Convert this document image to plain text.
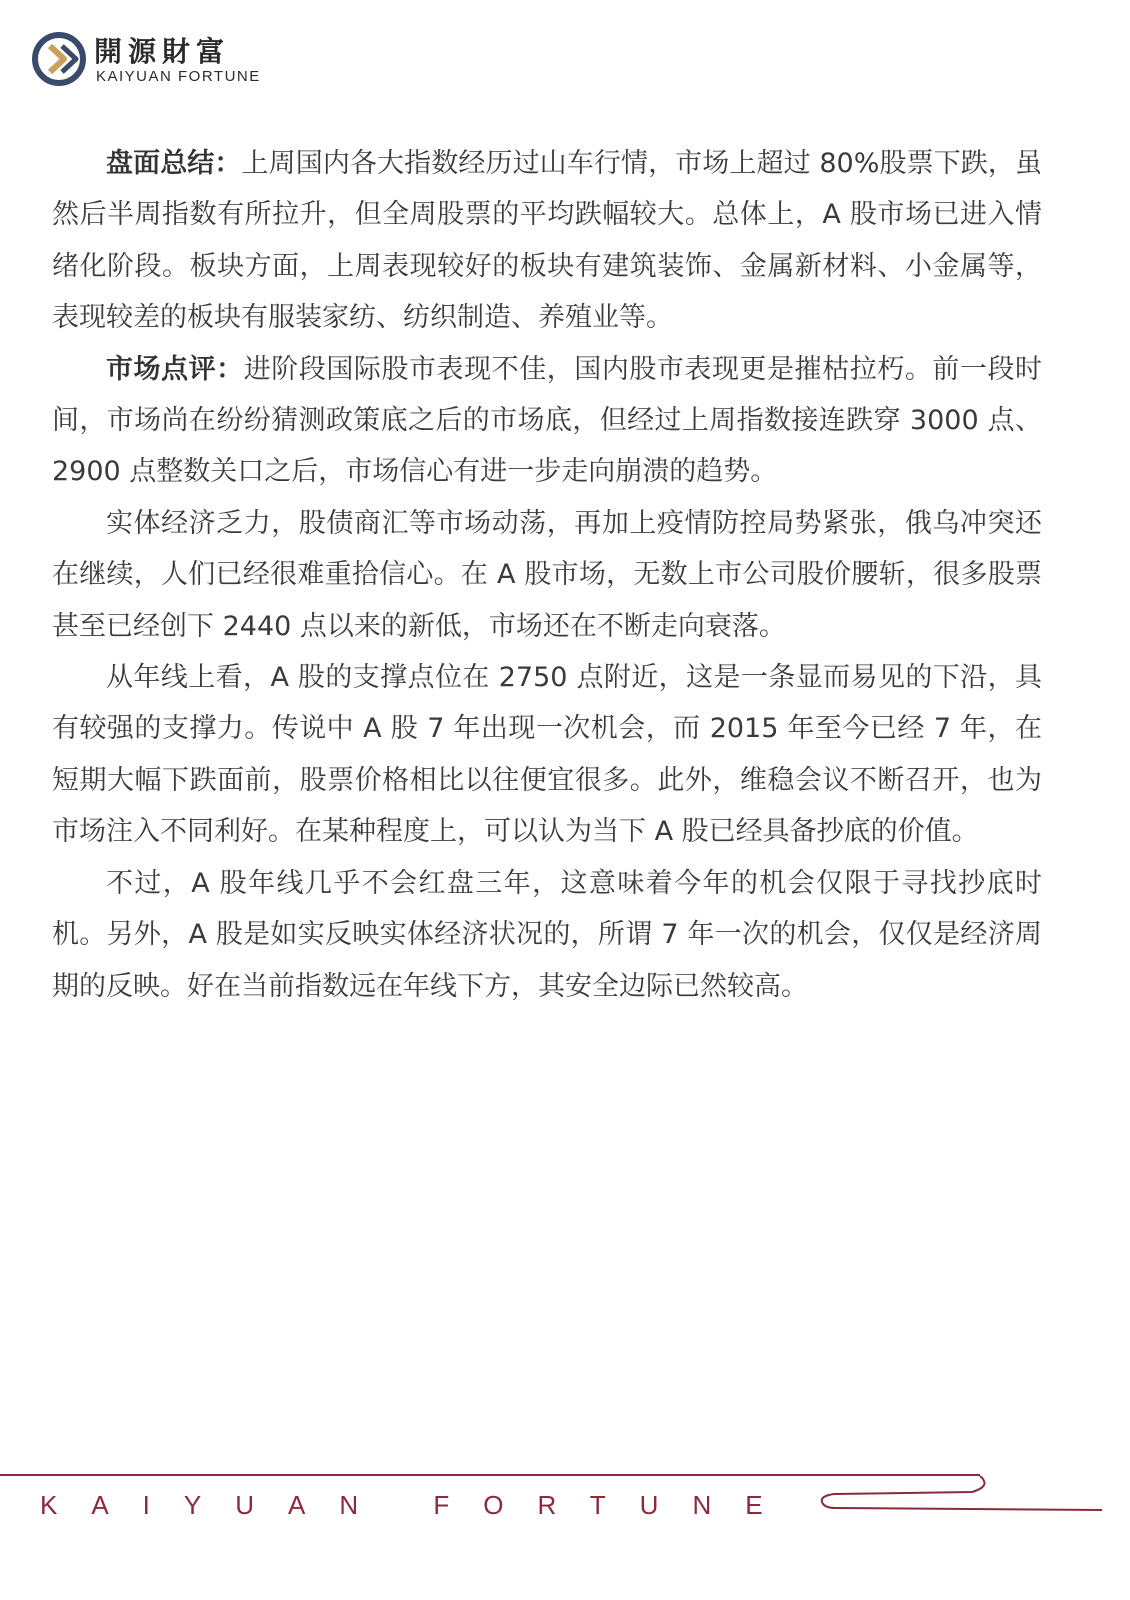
開源財富
KAIYUAN FORTUNE

盘面总结：上周国内各大指数经历过山车行情，市场上超过 80%股票下跌，虽然后半周指数有所拉升，但全周股票的平均跌幅较大。总体上，A 股市场已进入情绪化阶段。板块方面，上周表现较好的板块有建筑装饰、金属新材料、小金属等，表现较差的板块有服装家纺、纺织制造、养殖业等。

市场点评：进阶段国际股市表现不佳，国内股市表现更是摧枯拉朽。前一段时间，市场尚在纷纷猜测政策底之后的市场底，但经过上周指数接连跌穿 3000 点、2900 点整数关口之后，市场信心有进一步走向崩溃的趋势。

实体经济乏力，股债商汇等市场动荡，再加上疫情防控局势紧张，俄乌冲突还在继续，人们已经很难重拾信心。在 A 股市场，无数上市公司股价腰斩，很多股票甚至已经创下 2440 点以来的新低，市场还在不断走向衰落。

从年线上看，A 股的支撑点位在 2750 点附近，这是一条显而易见的下沿，具有较强的支撑力。传说中 A 股 7 年出现一次机会，而 2015 年至今已经 7 年，在短期大幅下跌面前，股票价格相比以往便宜很多。此外，维稳会议不断召开，也为市场注入不同利好。在某种程度上，可以认为当下 A 股已经具备抄底的价值。

不过，A 股年线几乎不会红盘三年，这意味着今年的机会仅限于寻找抄底时机。另外，A 股是如实反映实体经济状况的，所谓 7 年一次的机会，仅仅是经济周期的反映。好在当前指数远在年线下方，其安全边际已然较高。

KAIYUAN FORTUNE
